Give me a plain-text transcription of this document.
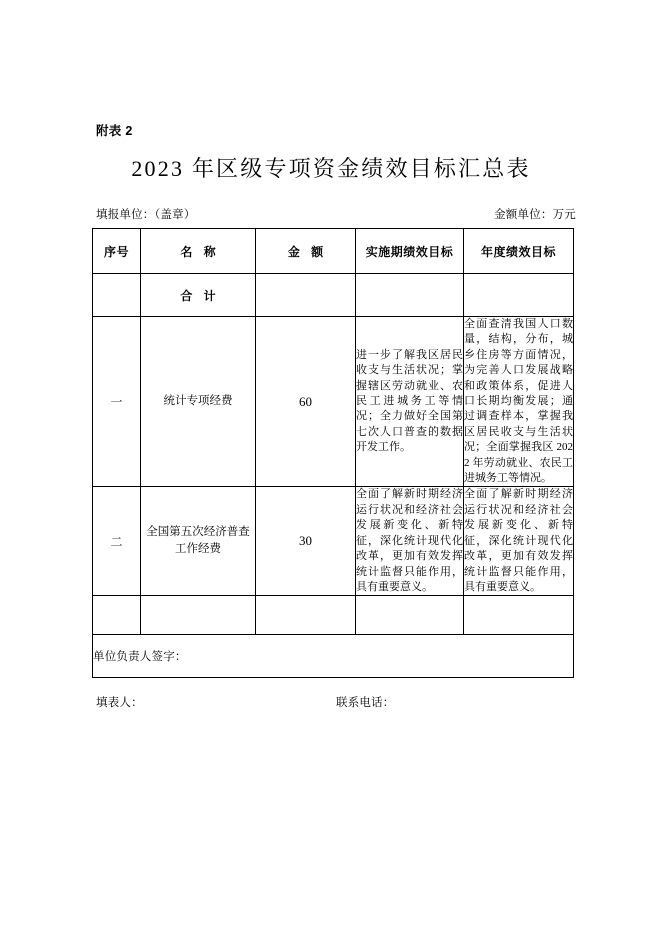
附表 2
2023 年区级专项资金绩效目标汇总表
填报单位：（盖章）	金额单位：万元
序号	名 称	金 额	实施期绩效目标	年度绩效目标
	合 计			
一	统计专项经费	60	进一步了解我区居民收支与生活状况；掌握辖区劳动就业、农民工进城务工等情况；全力做好全国第七次人口普查的数据开发工作。	全面查清我国人口数量，结构，分布，城乡住房等方面情况，为完善人口发展战略和政策体系，促进人口长期均衡发展；通过调查样本，掌握我区居民收支与生活状况；全面掌握我区 2022 年劳动就业、农民工进城务工等情况。
二	全国第五次经济普查工作经费	30	全面了解新时期经济运行状况和经济社会发展新变化、新特征，深化统计现代化改革，更加有效发挥统计监督只能作用，具有重要意义。	全面了解新时期经济运行状况和经济社会发展新变化、新特征，深化统计现代化改革，更加有效发挥统计监督只能作用，具有重要意义。

单位负责人签字：				
填表人：	联系电话：
